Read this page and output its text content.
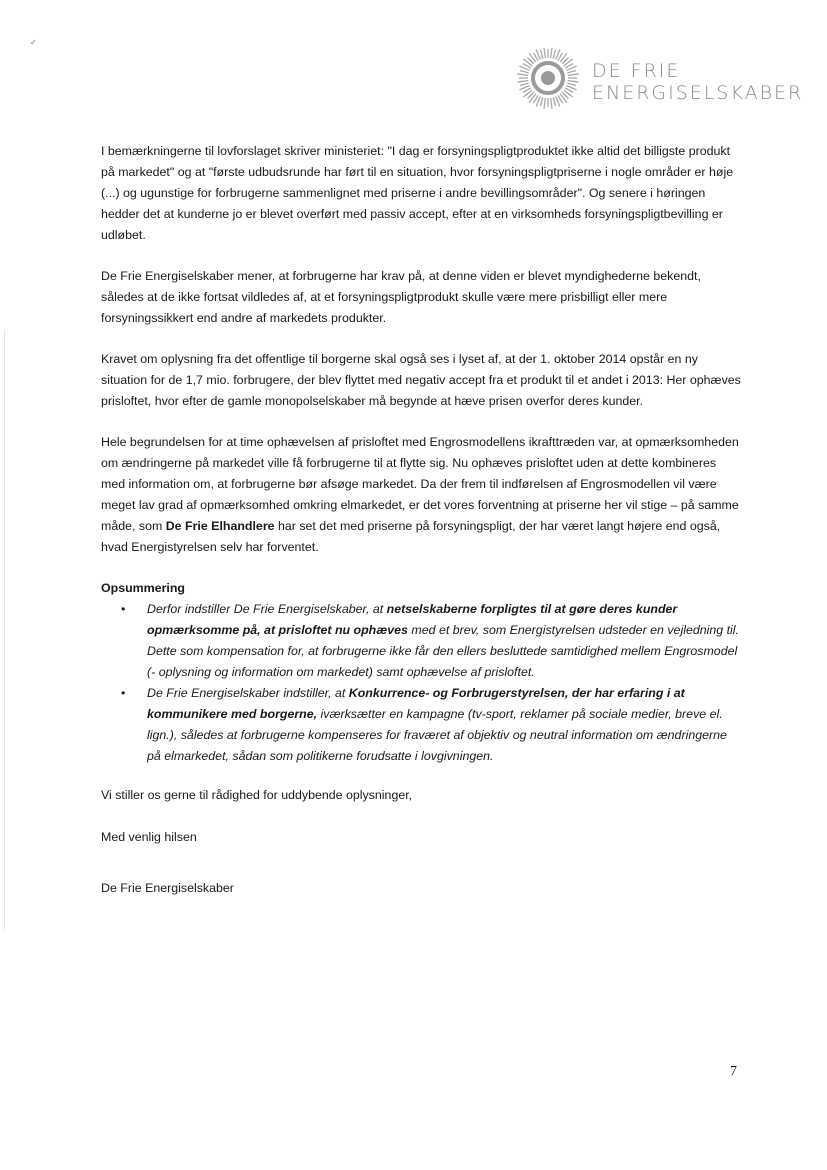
✓
DE FRIE
ENERGISELSKABER

I bemærkningerne til lovforslaget skriver ministeriet: "I dag er forsyningspligtproduktet ikke altid det billigste produkt på markedet" og at "første udbudsrunde har ført til en situation, hvor forsyningspligtpriserne i nogle områder er høje (...) og ugunstige for forbrugerne sammenlignet med priserne i andre bevillingsområder". Og senere i høringen hedder det at kunderne jo er blevet overført med passiv accept, efter at en virksomheds forsyningspligtbevilling er udløbet.

De Frie Energiselskaber mener, at forbrugerne har krav på, at denne viden er blevet myndighederne bekendt, således at de ikke fortsat vildledes af, at et forsyningspligtprodukt skulle være mere prisbilligt eller mere forsyningssikkert end andre af markedets produkter.

Kravet om oplysning fra det offentlige til borgerne skal også ses i lyset af, at der 1. oktober 2014 opstår en ny situation for de 1,7 mio. forbrugere, der blev flyttet med negativ accept fra et produkt til et andet i 2013: Her ophæves prisloftet, hvor efter de gamle monopolselskaber må begynde at hæve prisen overfor deres kunder.

Hele begrundelsen for at time ophævelsen af prisloftet med Engrosmodellens ikrafttræden var, at opmærksomheden om ændringerne på markedet ville få forbrugerne til at flytte sig. Nu ophæves prisloftet uden at dette kombineres med information om, at forbrugerne bør afsøge markedet. Da der frem til indførelsen af Engrosmodellen vil være meget lav grad af opmærksomhed omkring elmarkedet, er det vores forventning at priserne her vil stige – på samme måde, som De Frie Elhandlere har set det med priserne på forsyningspligt, der har været langt højere end også, hvad Energistyrelsen selv har forventet.

Opsummering

• Derfor indstiller De Frie Energiselskaber, at netselskaberne forpligtes til at gøre deres kunder opmærksomme på, at prisloftet nu ophæves med et brev, som Energistyrelsen udsteder en vejledning til. Dette som kompensation for, at forbrugerne ikke får den ellers besluttede samtidighed mellem Engrosmodel (- oplysning og information om markedet) samt ophævelse af prisloftet.
• De Frie Energiselskaber indstiller, at Konkurrence- og Forbrugerstyrelsen, der har erfaring i at kommunikere med borgerne, iværksætter en kampagne (tv-sport, reklamer på sociale medier, breve el. lign.), således at forbrugerne kompenseres for fraværet af objektiv og neutral information om ændringerne på elmarkedet, sådan som politikerne forudsatte i lovgivningen.

Vi stiller os gerne til rådighed for uddybende oplysninger,

Med venlig hilsen

De Frie Energiselskaber

7
